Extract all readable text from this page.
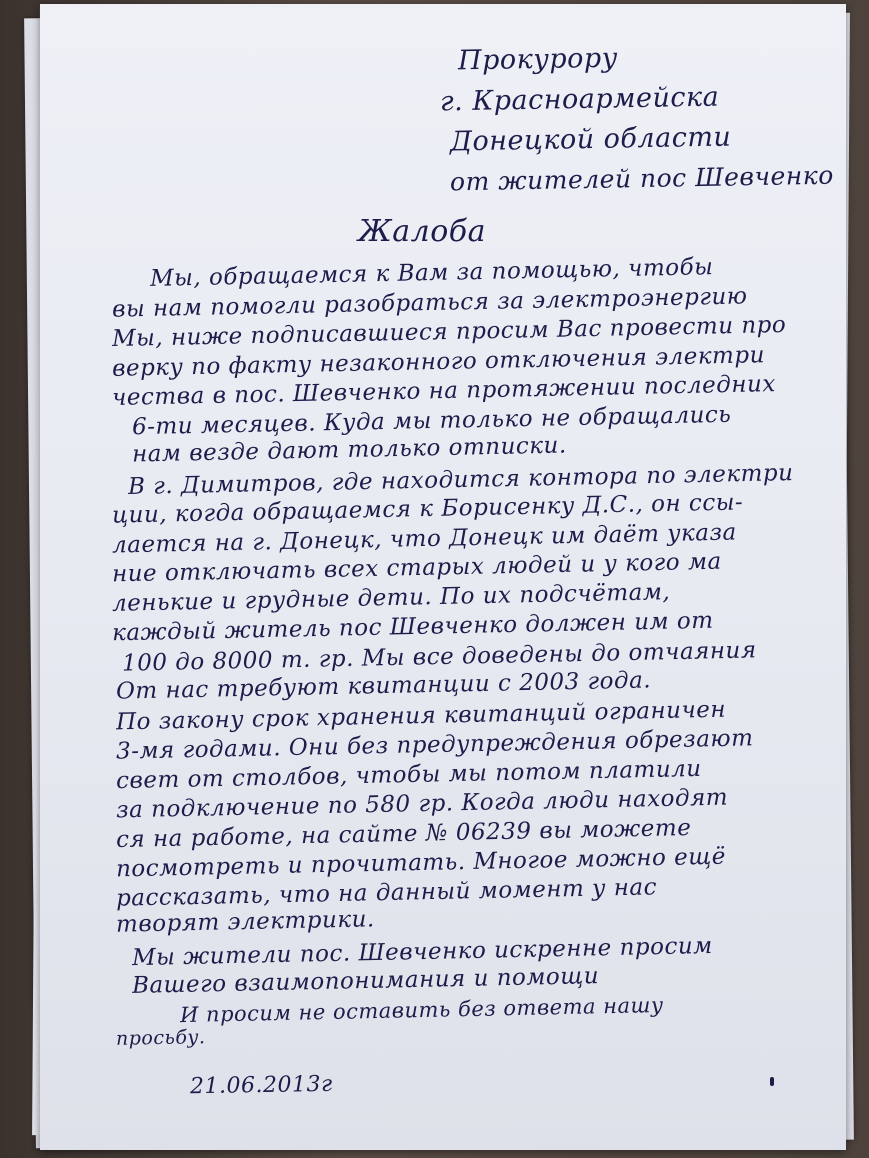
Прокурору
г. Красноармейска
Донецкой области
от жителей пос Шевченко
Жалоба
Мы, обращаемся к Вам за помощью, чтобы
вы нам помогли разобраться за электроэнергию
Мы, ниже подписавшиеся просим Вас провести про
верку по факту незаконного отключения электри
чества в пос. Шевченко на протяжении последних
6-ти месяцев. Куда мы только не обращались
нам везде дают только отписки.
В г. Димитров, где находится контора по электри
ции, когда обращаемся к Борисенку Д.С., он ссы-
лается на г. Донецк, что Донецк им даёт указа
ние отключать всех старых людей и у кого ма
ленькие и грудные дети. По их подсчётам,
каждый житель пос Шевченко должен им от
100 до 8000 т. гр. Мы все доведены до отчаяния
От нас требуют квитанции с 2003 года.
По закону срок хранения квитанций ограничен
3-мя годами. Они без предупреждения обрезают
свет от столбов, чтобы мы потом платили
за подключение по 580 гр. Когда люди находят
ся на работе, на сайте № 06239 вы можете
посмотреть и прочитать. Многое можно ещё
рассказать, что на данный момент у нас
творят электрики.
Мы жители пос. Шевченко искренне просим
Вашего взаимопонимания и помощи
И просим не оставить без ответа нашу
просьбу.
21.06.2013г
